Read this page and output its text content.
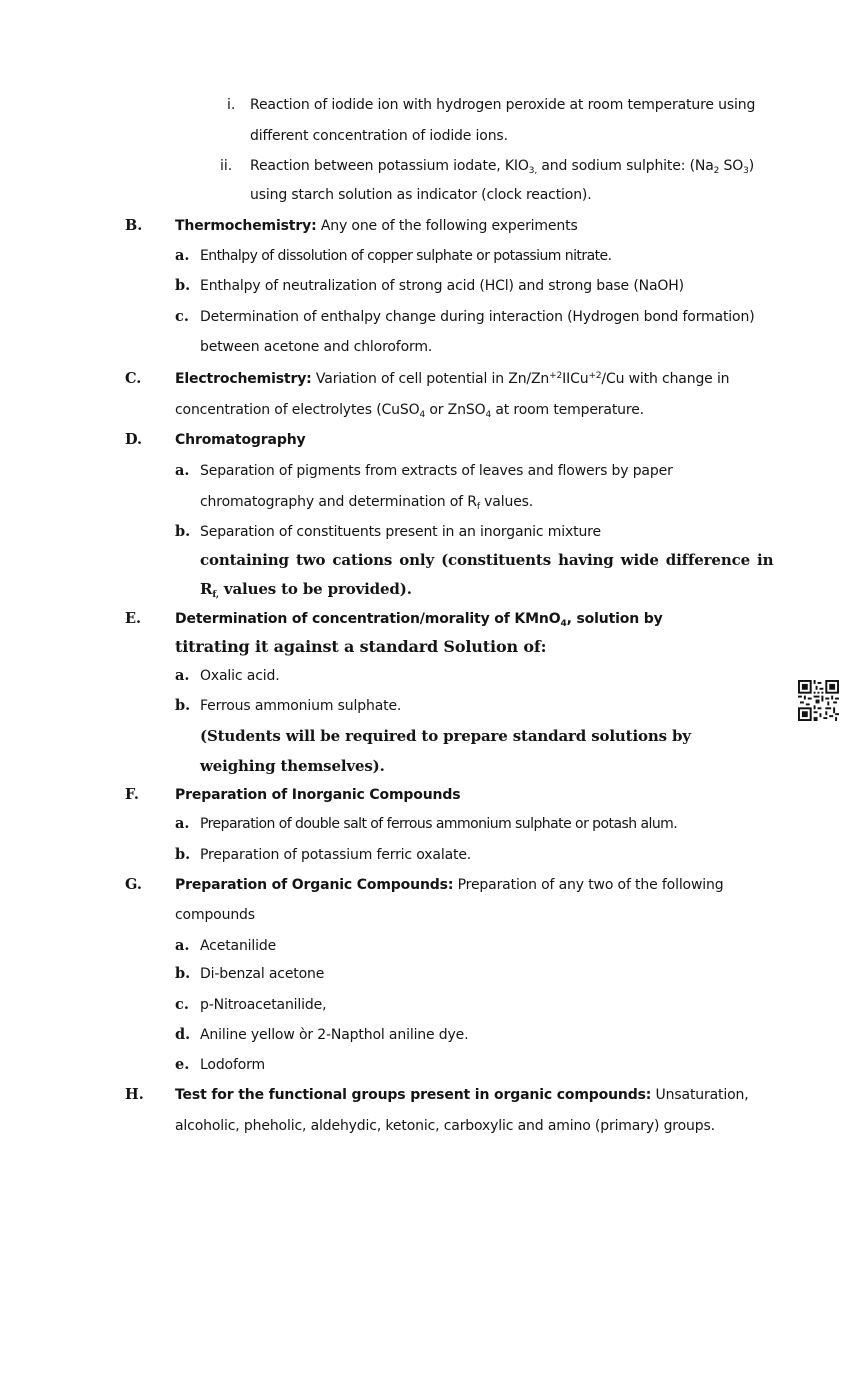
i. Reaction of iodide ion with hydrogen peroxide at room temperature using
different concentration of iodide ions.
ii. Reaction between potassium iodate, $KIO_{3,}$ and sodium sulphite: ($Na_2$ $SO_3$)
using starch solution as indicator (clock reaction).
B. Thermochemistry: Any one of the following experiments
a. Enthalpy of dissolution of copper sulphate or potassium nitrate.
b. Enthalpy of neutralization of strong acid (HCl) and strong base (NaOH)
c. Determination of enthalpy change during interaction (Hydrogen bond formation)
between acetone and chloroform.
C. Electrochemistry: Variation of cell potential in $Zn/Zn^{+2}IICu^{+2}/Cu$ with change in
concentration of electrolytes (CuSO$_4$ or ZnSO$_4$ at room temperature.
D. Chromatography
a. Separation of pigments from extracts of leaves and flowers by paper
chromatography and determination of $R_f$ values.
b. Separation of constituents present in an inorganic mixture
containing two cations only (constituents having wide difference in
$R_{f,}$ values to be provided).
E. Determination of concentration/morality of KMnO$_4$, solution by
titrating it against a standard Solution of:
a. Oxalic acid.
b. Ferrous ammonium sulphate.
(Students will be required to prepare standard solutions by
weighing themselves).
F.	Preparation of Inorganic Compounds
a. Preparation of double salt of ferrous ammonium sulphate or potash alum.
b. Preparation of potassium ferric oxalate.
G. Preparation of Organic Compounds: Preparation of any two of the following
compounds
a. Acetanilide
b. Di-benzal acetone
c. p-Nitroacetanilide,
d. Aniline yellow òr 2-Napthol aniline dye.
e. Lodoform
H. Test for the functional groups present in organic compounds: Unsaturation,
alcoholic, pheholic, aldehydic, ketonic, carboxylic and amino (primary) groups.
